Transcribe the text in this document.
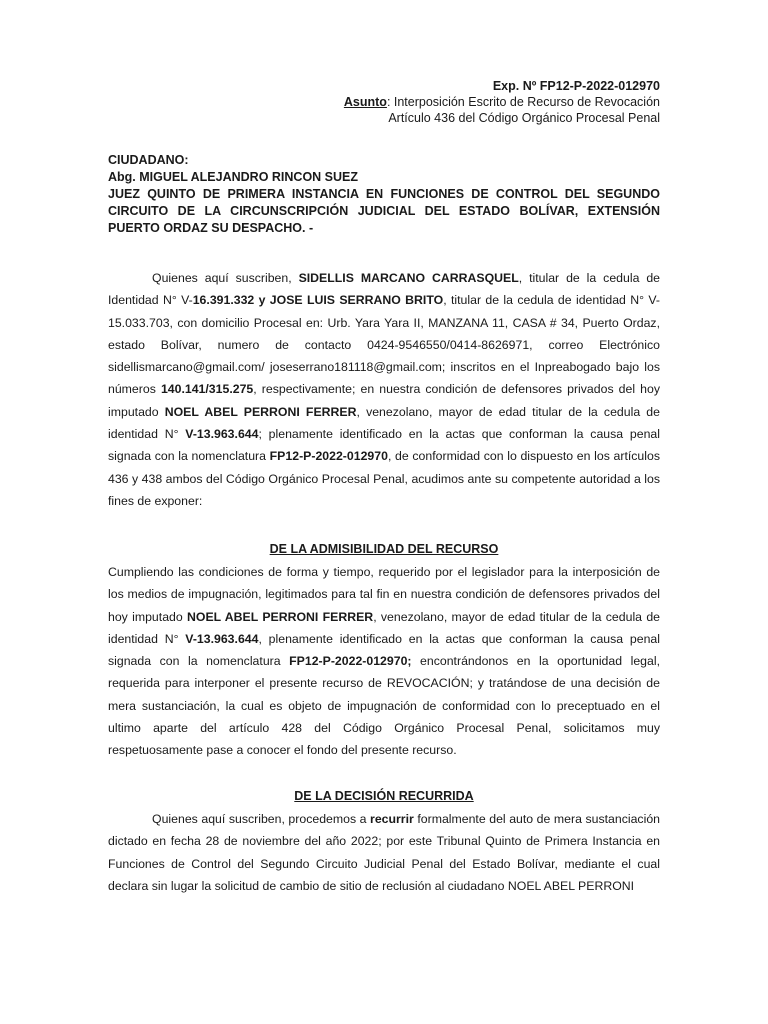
Exp. Nº FP12-P-2022-012970
Asunto: Interposición Escrito de Recurso de Revocación
Artículo 436 del Código Orgánico Procesal Penal
CIUDADANO:
Abg. MIGUEL ALEJANDRO RINCON SUEZ
JUEZ QUINTO DE PRIMERA INSTANCIA EN FUNCIONES DE CONTROL DEL SEGUNDO CIRCUITO DE LA CIRCUNSCRIPCIÓN JUDICIAL DEL ESTADO BOLÍVAR, EXTENSIÓN PUERTO ORDAZ SU DESPACHO. -

Quienes aquí suscriben, SIDELLIS MARCANO CARRASQUEL, titular de la cedula de Identidad N° V-16.391.332 y JOSE LUIS SERRANO BRITO, titular de la cedula de identidad N° V-15.033.703, con domicilio Procesal en: Urb. Yara Yara II, MANZANA 11, CASA # 34, Puerto Ordaz, estado Bolívar, numero de contacto 0424-9546550/0414-8626971, correo Electrónico sidellismarcano@gmail.com/ joseserrano181118@gmail.com; inscritos en el Inpreabogado bajo los números 140.141/315.275, respectivamente; en nuestra condición de defensores privados del hoy imputado NOEL ABEL PERRONI FERRER, venezolano, mayor de edad titular de la cedula de identidad N° V-13.963.644; plenamente identificado en la actas que conforman la causa penal signada con la nomenclatura FP12-P-2022-012970, de conformidad con lo dispuesto en los artículos 436 y 438 ambos del Código Orgánico Procesal Penal, acudimos ante su competente autoridad a los fines de exponer:

DE LA ADMISIBILIDAD DEL RECURSO

Cumpliendo las condiciones de forma y tiempo, requerido por el legislador para la interposición de los medios de impugnación, legitimados para tal fin en nuestra condición de defensores privados del hoy imputado NOEL ABEL PERRONI FERRER, venezolano, mayor de edad titular de la cedula de identidad N° V-13.963.644, plenamente identificado en la actas que conforman la causa penal signada con la nomenclatura FP12-P-2022-012970; encontrándonos en la oportunidad legal, requerida para interponer el presente recurso de REVOCACIÓN; y tratándose de una decisión de mera sustanciación, la cual es objeto de impugnación de conformidad con lo preceptuado en el ultimo aparte del artículo 428 del Código Orgánico Procesal Penal, solicitamos muy respetuosamente pase a conocer el fondo del presente recurso.

DE LA DECISIÓN RECURRIDA

Quienes aquí suscriben, procedemos a recurrir formalmente del auto de mera sustanciación dictado en fecha 28 de noviembre del año 2022; por este Tribunal Quinto de Primera Instancia en Funciones de Control del Segundo Circuito Judicial Penal del Estado Bolívar, mediante el cual declara sin lugar la solicitud de cambio de sitio de reclusión al ciudadano NOEL ABEL PERRONI
